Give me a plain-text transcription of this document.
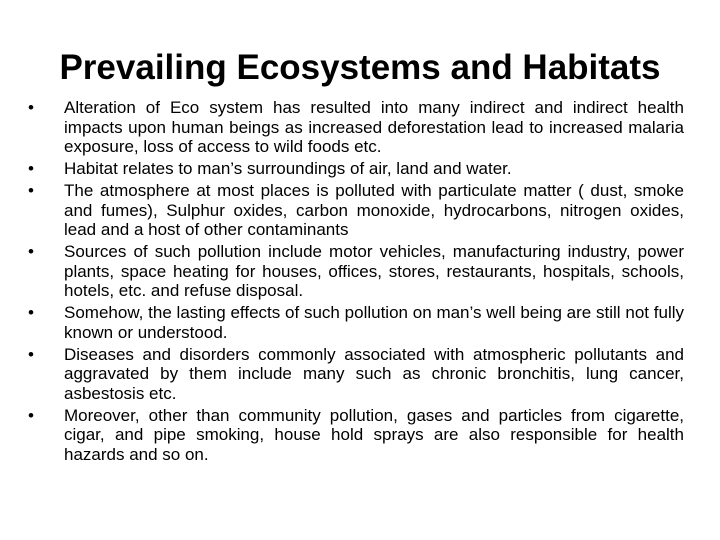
Prevailing Ecosystems and Habitats
• Alteration of Eco system has resulted into many indirect and indirect health impacts upon human beings as increased deforestation lead to increased malaria exposure, loss of access to wild foods etc.
• Habitat relates to man’s surroundings of air, land and water.
• The atmosphere at most places is polluted with particulate matter ( dust, smoke and fumes), Sulphur oxides, carbon monoxide, hydrocarbons, nitrogen oxides, lead and a host of other contaminants
• Sources of such pollution include motor vehicles, manufacturing industry, power plants, space heating for houses, offices, stores, restaurants, hospitals, schools, hotels, etc. and refuse disposal.
• Somehow, the lasting effects of such pollution on man’s well being are still not fully known or understood.
• Diseases and disorders commonly associated with atmospheric pollutants and aggravated by them include many such as chronic bronchitis, lung cancer, asbestosis etc.
• Moreover, other than community pollution, gases and particles from cigarette, cigar, and pipe smoking, house hold sprays are also responsible for health hazards and so on.
